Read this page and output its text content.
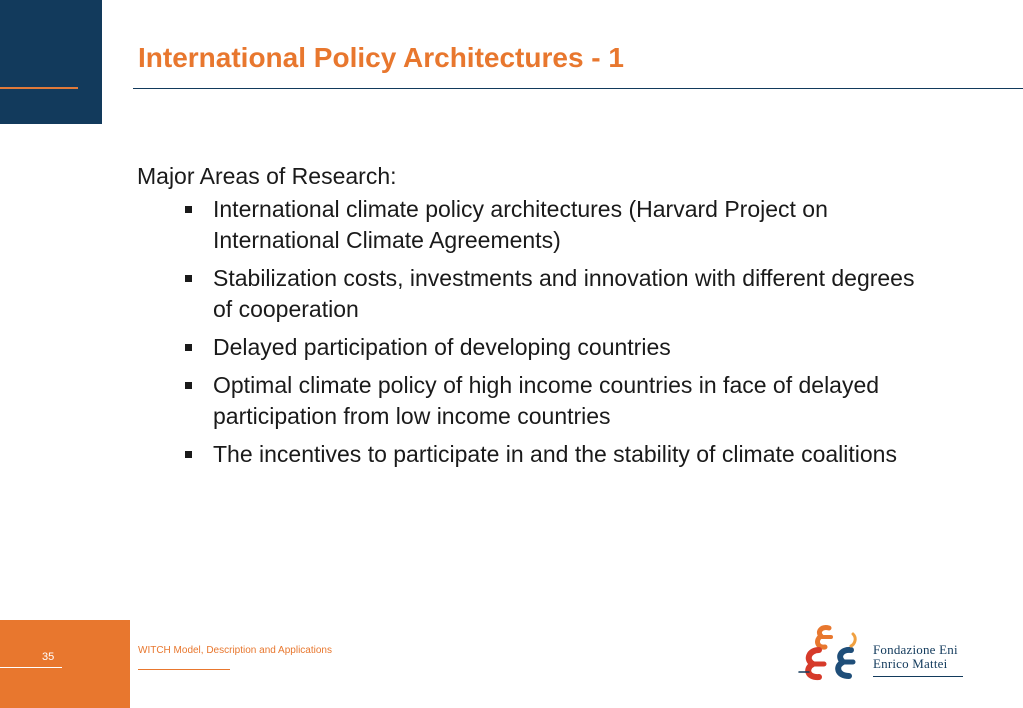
International Policy Architectures - 1

Major Areas of Research:

International climate policy architectures (Harvard Project on International Climate Agreements)
Stabilization costs, investments and innovation with different degrees of cooperation
Delayed participation of developing countries
Optimal climate policy of high income countries in face of delayed participation from low income countries
The incentives to participate in and the stability of climate coalitions
35
WITCH Model, Description and Applications	Fondazione Eni
Enrico Mattei
